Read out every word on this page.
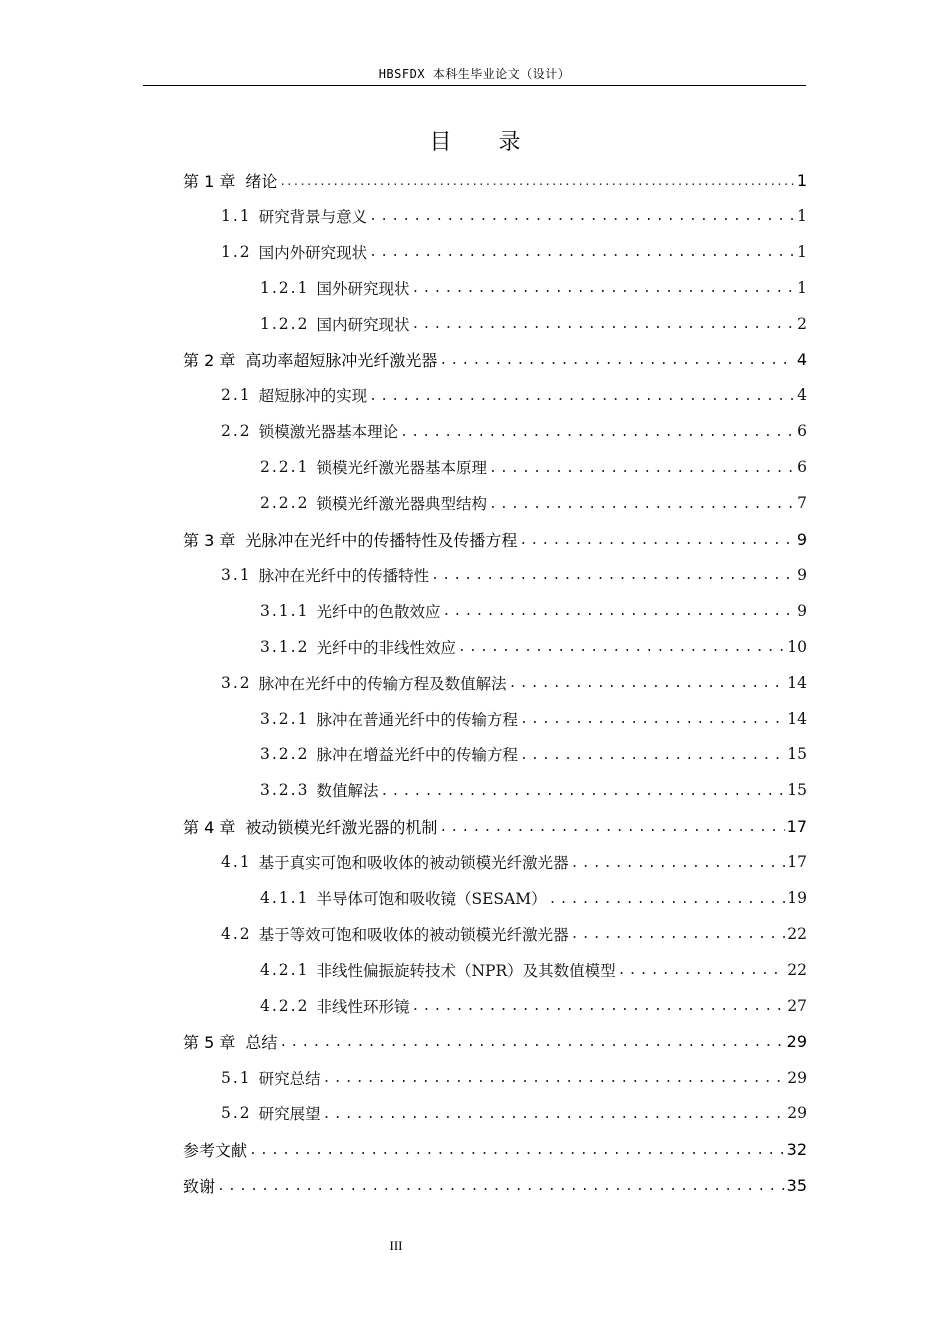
HBSFDX 本科生毕业论文（设计）
目 录
第 1 章 绪论 .....	1
1.1 研究背景与意义 .....	1
1.2 国内外研究现状 .....	1
1.2.1 国外研究现状 .....	1
1.2.2 国内研究现状 .....	2
第 2 章 高功率超短脉冲光纤激光器 .....	4
2.1 超短脉冲的实现 .....	4
2.2 锁模激光器基本理论 .....	6
2.2.1 锁模光纤激光器基本原理 .....	6
2.2.2 锁模光纤激光器典型结构 .....	7
第 3 章 光脉冲在光纤中的传播特性及传播方程 .....	9
3.1 脉冲在光纤中的传播特性 .....	9
3.1.1 光纤中的色散效应 .....	9
3.1.2 光纤中的非线性效应 .....	10
3.2 脉冲在光纤中的传输方程及数值解法 .....	14
3.2.1 脉冲在普通光纤中的传输方程 .....	14
3.2.2 脉冲在增益光纤中的传输方程 .....	15
3.2.3 数值解法 .....	15
第 4 章 被动锁模光纤激光器的机制 .....	17
4.1 基于真实可饱和吸收体的被动锁模光纤激光器 .....	17
4.1.1 半导体可饱和吸收镜（SESAM） .....	19
4.2 基于等效可饱和吸收体的被动锁模光纤激光器 .....	22
4.2.1 非线性偏振旋转技术（NPR）及其数值模型 .....	22
4.2.2 非线性环形镜 .....	27
第 5 章 总结 .....	29
5.1 研究总结 .....	29
5.2 研究展望 .....	29
参考文献 .....	32
致谢 .....	35
III
